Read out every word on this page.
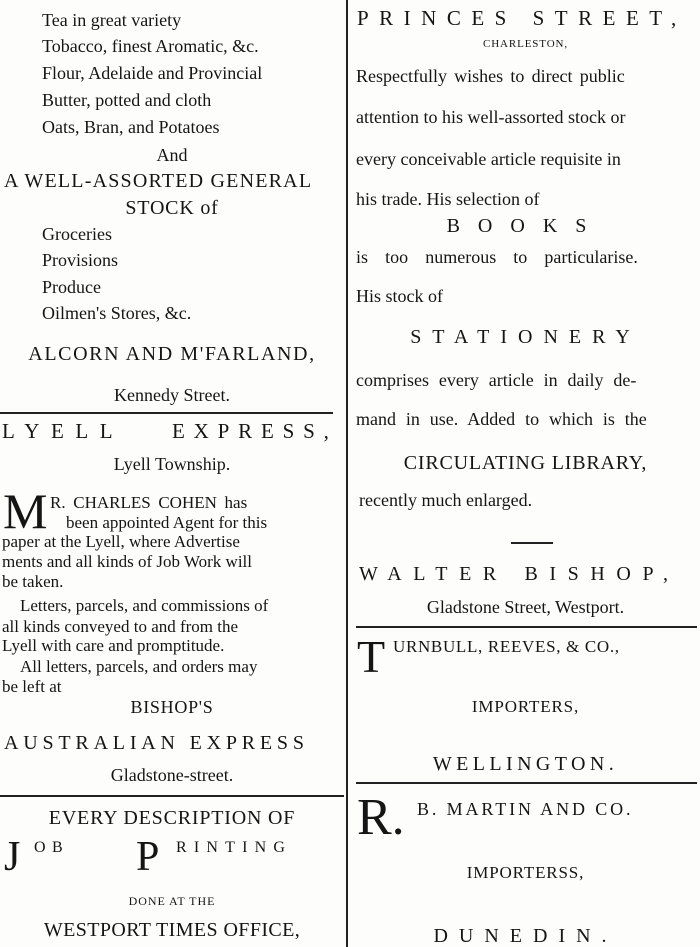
Tea in great variety
Tobacco, finest Aromatic, &c.
Flour, Adelaide and Provincial
Butter, potted and cloth
Oats, Bran, and Potatoes
And
A WELL-ASSORTED GENERAL
STOCK of
Groceries
Provisions
Produce
Oilmen's Stores, &c.
ALCORN AND M'FARLAND,
Kennedy Street.
LYELL EXPRESS,
Lyell Township.
M R. CHARLES COHEN has
been appointed Agent for this
paper at the Lyell, where Advertise
ments and all kinds of Job Work will
be taken.
Letters, parcels, and commissions of
all kinds conveyed to and from the
Lyell with care and promptitude.
All letters, parcels, and orders may
be left at
BISHOP'S
AUSTRALIAN EXPRESS
Gladstone-street.
EVERY DESCRIPTION OF
J OB P RINTING
DONE AT THE
WESTPORT TIMES OFFICE,
PRINCES STREET,
CHARLESTON,
Respectfully wishes to direct public
attention to his well-assorted stock or
every conceivable article requisite in
his trade. His selection of
BOOKS
is too numerous to particularise.
His stock of
STATIONERY
comprises every article in daily de-
mand in use. Added to which is the
CIRCULATING LIBRARY,
recently much enlarged.
WALTER BISHOP,
Gladstone Street, Westport.
T URNBULL, REEVES, & CO.,
IMPORTERS,
WELLINGTON.
R. B. MARTIN AND CO.
IMPORTERSS,
DUNEDIN.
